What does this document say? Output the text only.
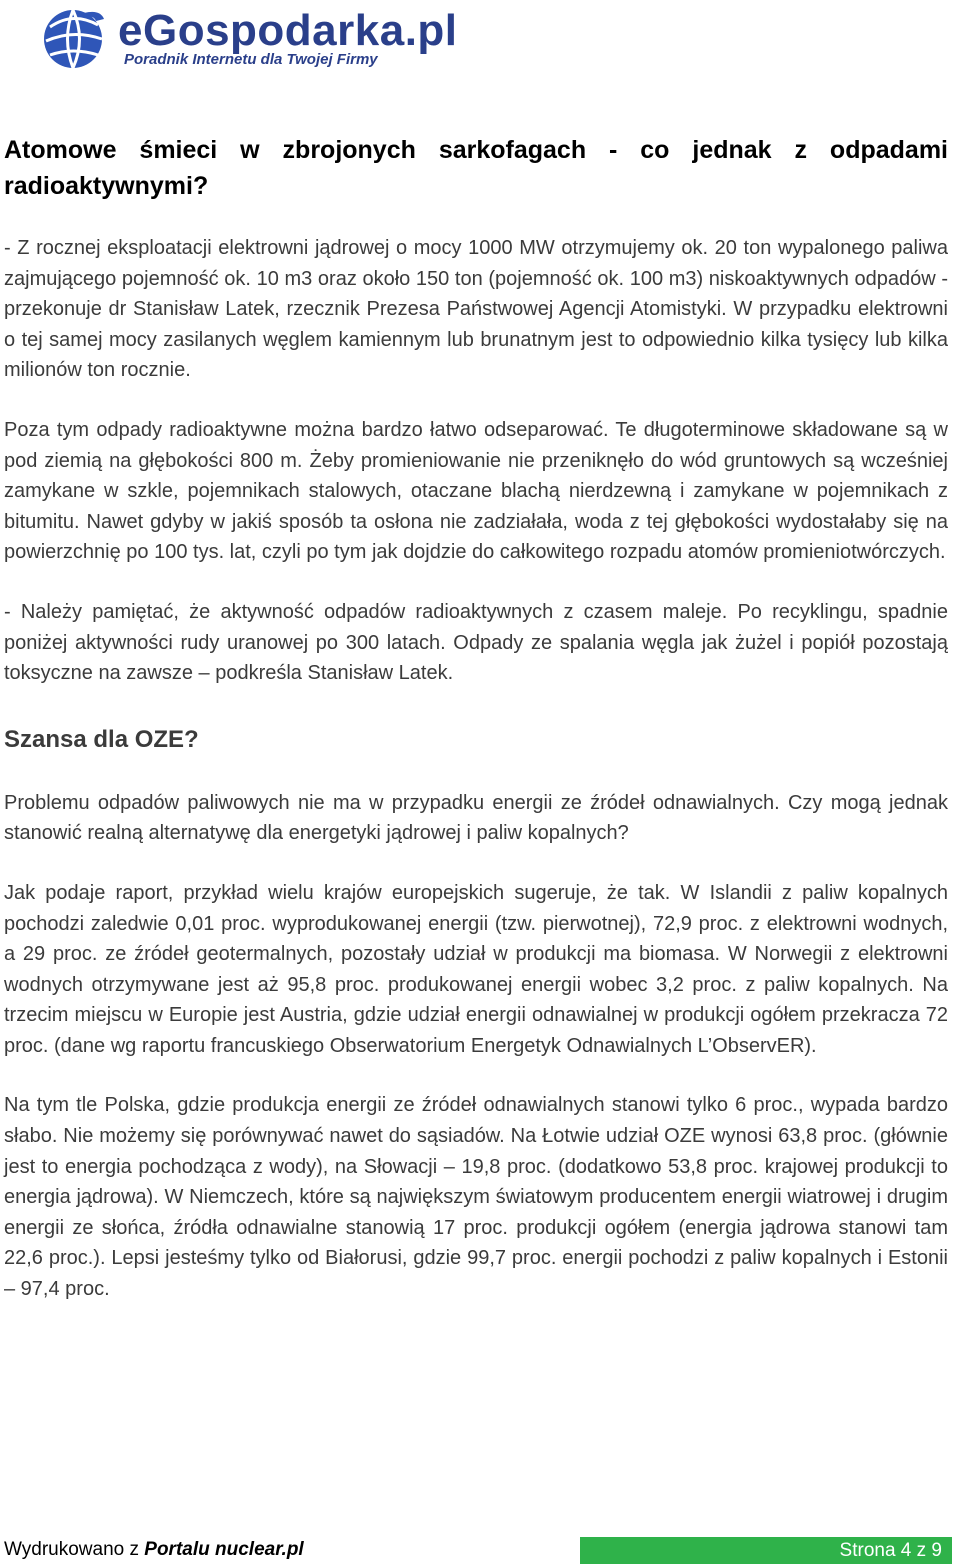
eGospodarka.pl
Poradnik Internetu dla Twojej Firmy
Atomowe śmieci w zbrojonych sarkofagach - co jednak z odpadami
radioaktywnymi?

- Z rocznej eksploatacji elektrowni jądrowej o mocy 1000 MW otrzymujemy ok. 20 ton wypalonego paliwa zajmującego pojemność ok. 10 m3 oraz około 150 ton (pojemność ok. 100 m3) niskoaktywnych odpadów - przekonuje dr Stanisław Latek, rzecznik Prezesa Państwowej Agencji Atomistyki. W przypadku elektrowni o tej samej mocy zasilanych węglem kamiennym lub brunatnym jest to odpowiednio kilka tysięcy lub kilka milionów ton rocznie.

Poza tym odpady radioaktywne można bardzo łatwo odseparować. Te długoterminowe składowane są w pod ziemią na głębokości 800 m. Żeby promieniowanie nie przeniknęło do wód gruntowych są wcześniej zamykane w szkle, pojemnikach stalowych, otaczane blachą nierdzewną i zamykane w pojemnikach z bitumitu. Nawet gdyby w jakiś sposób ta osłona nie zadziałała, woda z tej głębokości wydostałaby się na powierzchnię po 100 tys. lat, czyli po tym jak dojdzie do całkowitego rozpadu atomów promieniotwórczych.

- Należy pamiętać, że aktywność odpadów radioaktywnych z czasem maleje. Po recyklingu, spadnie poniżej aktywności rudy uranowej po 300 latach. Odpady ze spalania węgla jak żużel i popiół pozostają toksyczne na zawsze – podkreśla Stanisław Latek.

Szansa dla OZE?

Problemu odpadów paliwowych nie ma w przypadku energii ze źródeł odnawialnych. Czy mogą jednak stanowić realną alternatywę dla energetyki jądrowej i paliw kopalnych?

Jak podaje raport, przykład wielu krajów europejskich sugeruje, że tak. W Islandii z paliw kopalnych pochodzi zaledwie 0,01 proc. wyprodukowanej energii (tzw. pierwotnej), 72,9 proc. z elektrowni wodnych, a 29 proc. ze źródeł geotermalnych, pozostały udział w produkcji ma biomasa. W Norwegii z elektrowni wodnych otrzymywane jest aż 95,8 proc. produkowanej energii wobec 3,2 proc. z paliw kopalnych. Na trzecim miejscu w Europie jest Austria, gdzie udział energii odnawialnej w produkcji ogółem przekracza 72 proc. (dane wg raportu francuskiego Obserwatorium Energetyk Odnawialnych L’ObservER).

Na tym tle Polska, gdzie produkcja energii ze źródeł odnawialnych stanowi tylko 6 proc., wypada bardzo słabo. Nie możemy się porównywać nawet do sąsiadów. Na Łotwie udział OZE wynosi 63,8 proc. (głównie jest to energia pochodząca z wody), na Słowacji – 19,8 proc. (dodatkowo 53,8 proc. krajowej produkcji to energia jądrowa). W Niemczech, które są największym światowym producentem energii wiatrowej i drugim energii ze słońca, źródła odnawialne stanowią 17 proc. produkcji ogółem (energia jądrowa stanowi tam 22,6 proc.). Lepsi jesteśmy tylko od Białorusi, gdzie 99,7 proc. energii pochodzi z paliw kopalnych i Estonii – 97,4 proc.

Wydrukowano z Portalu nuclear.pl	Strona 4 z 9
